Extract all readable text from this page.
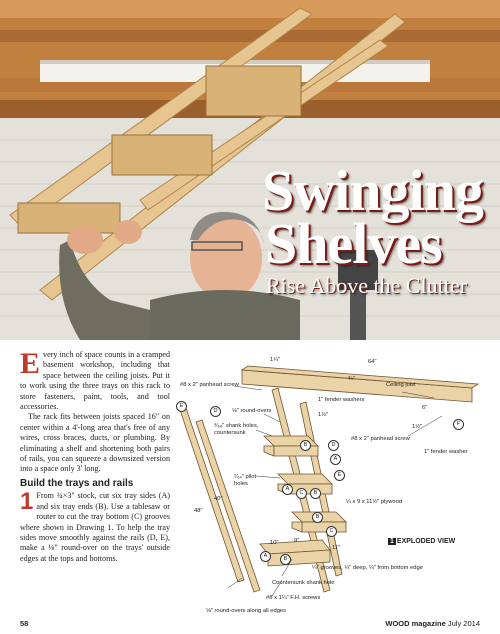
Swinging
Shelves
Rise Above the Clutter

Every inch of space counts in a cramped basement workshop, including that space between the ceiling joists. Put it to work using the three trays on this rack to store fasteners, paint, tools, and tool accessories.

The rack fits between joists spaced 16" on center within a 4'-long area that's free of any wires, cross braces, ducts, or plumbing. By eliminating a shelf and shortening both pairs of rails, you can squeeze a downsized version into a space only 3' long.

Build the trays and rails

1 From ¾×3" stock, cut six tray sides (A) and six tray ends (B). Use a tablesaw or router to cut the tray bottom (C) grooves where shown in Drawing 1. To help the tray sides move smoothly against the rails (D, E), make a ⅛" round-over on the trays' outside edges at the tops and bottoms.

1¼"	64"
#8 x 2" panhead screw
¾"
Ceiling joist
1" fender washers
⅛" round-overs
1½"
⁹⁄₆₄" shank holes, countersunk
6"
1½"
#8 x 2" panhead screw
1" fender washer
⁷⁄₆₄" pilot holes
40"
48"
¼ x 9 x 11½" plywood
10"	9"
11"
¼" grooves, ¼" deep, ¼" from bottom edge
Countersunk shank hole
#8 x 1¼" F.H. screws
⅛" round-overs along all edges
E
D
B	D
A
F
E
A
C	B
B
C
A	B
1 EXPLODED VIEW
58	WOOD magazine July 2014
